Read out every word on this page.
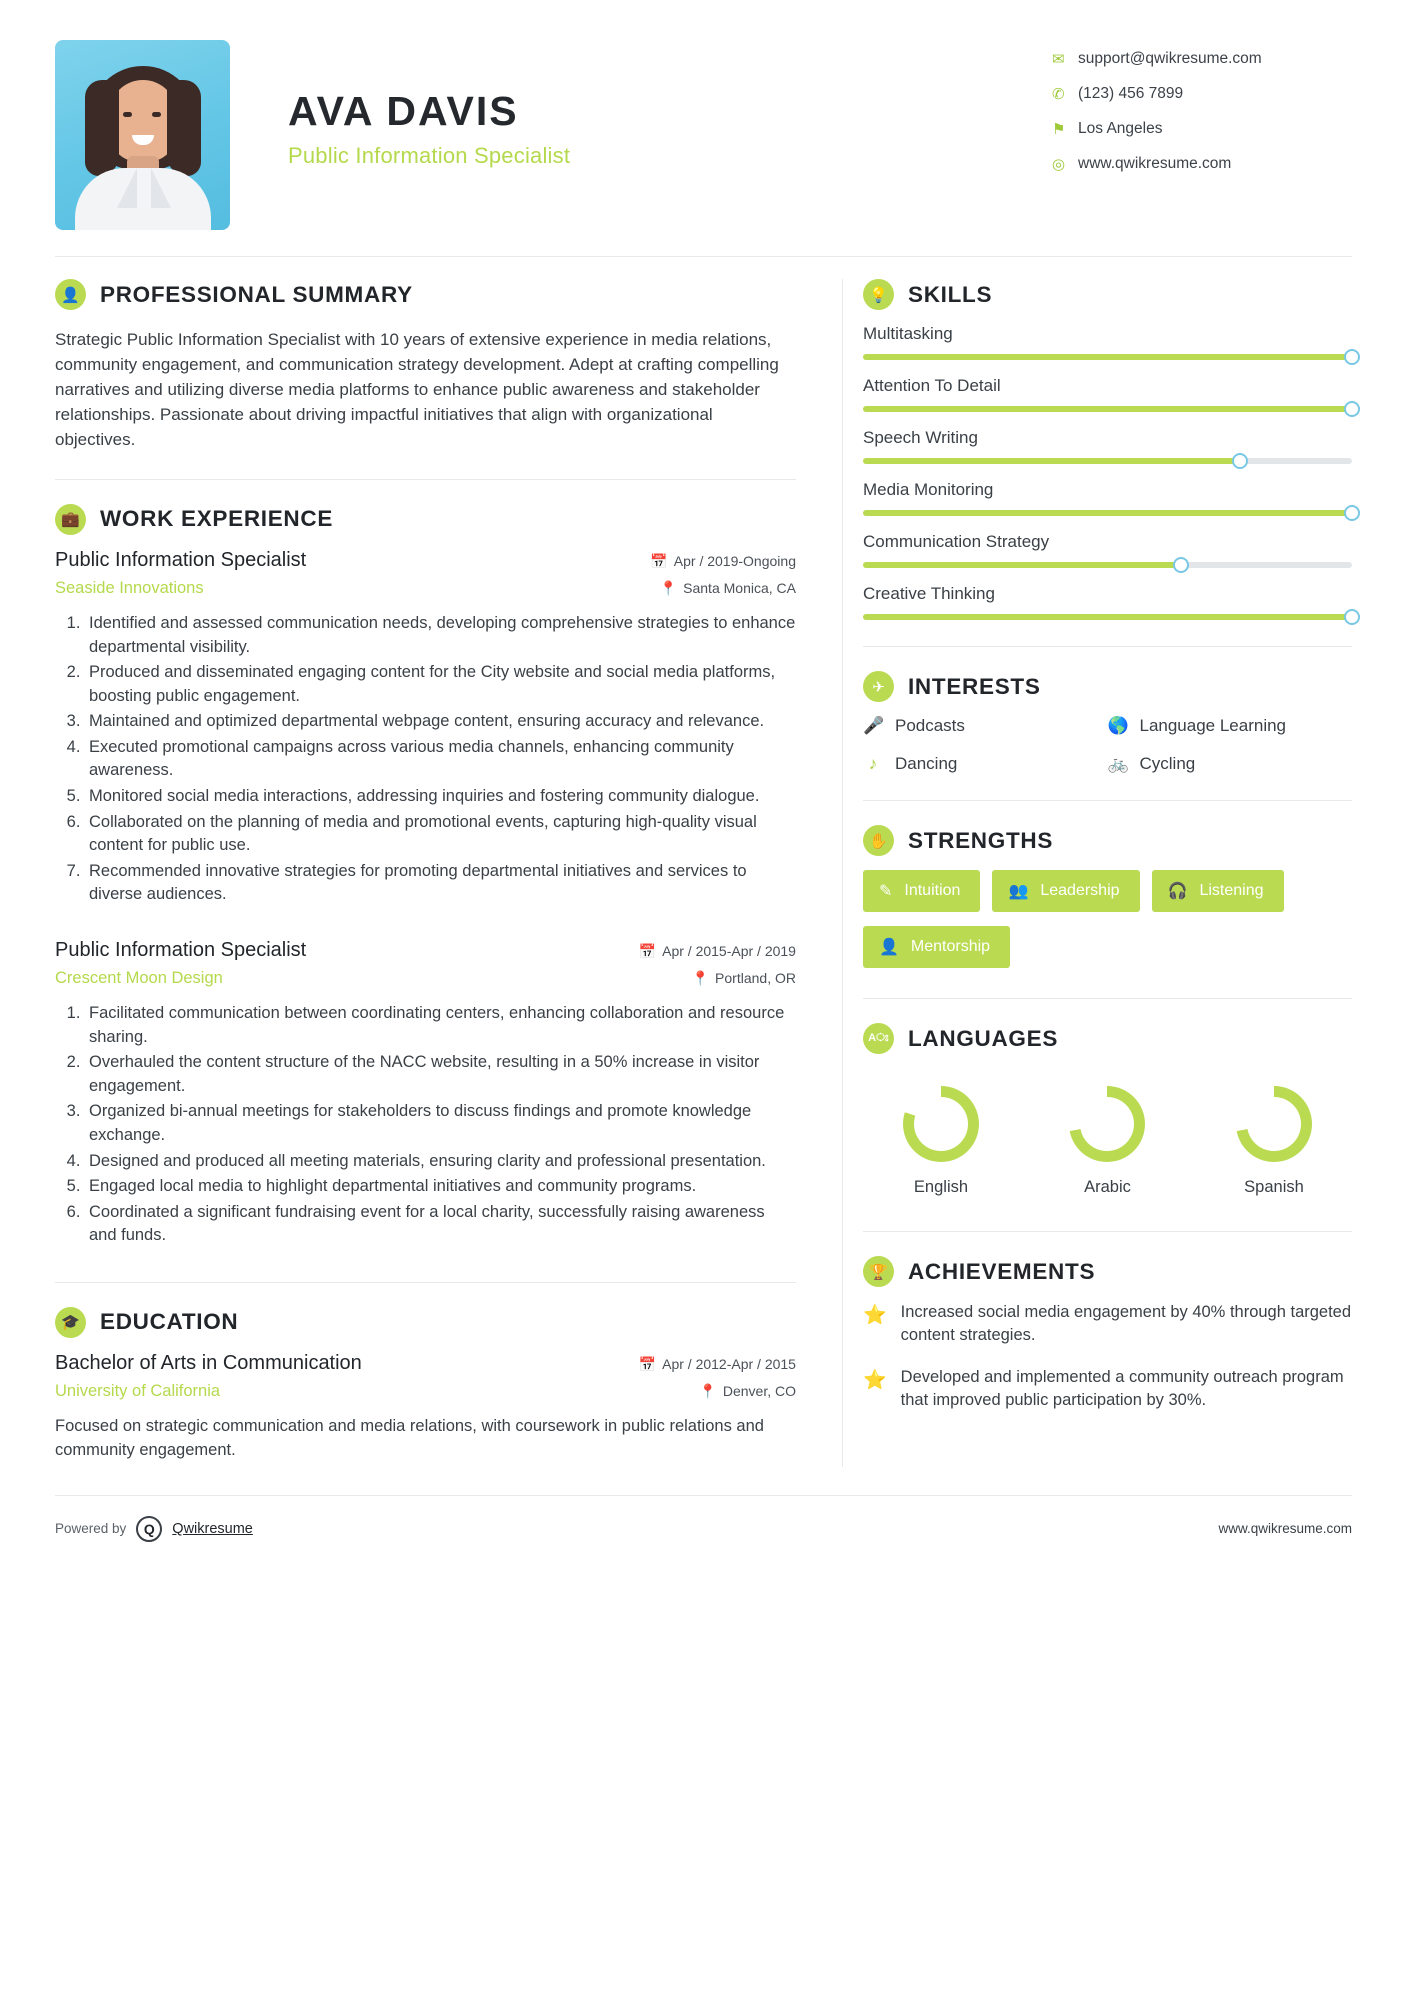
AVA DAVIS
Public Information Specialist
✉ support@qwikresume.com
✆ (123) 456 7899
⚑ Los Angeles
◎ www.qwikresume.com
👤 PROFESSIONAL SUMMARY
Strategic Public Information Specialist with 10 years of extensive experience in media relations, community engagement, and communication strategy development. Adept at crafting compelling narratives and utilizing diverse media platforms to enhance public awareness and stakeholder relationships. Passionate about driving impactful initiatives that align with organizational objectives.
💼 WORK EXPERIENCE
Public Information Specialist	📅 Apr / 2019-Ongoing
Seaside Innovations	📍 Santa Monica, CA
1. Identified and assessed communication needs, developing comprehensive strategies to enhance departmental visibility.
2. Produced and disseminated engaging content for the City website and social media platforms, boosting public engagement.
3. Maintained and optimized departmental webpage content, ensuring accuracy and relevance.
4. Executed promotional campaigns across various media channels, enhancing community awareness.
5. Monitored social media interactions, addressing inquiries and fostering community dialogue.
6. Collaborated on the planning of media and promotional events, capturing high-quality visual content for public use.
7. Recommended innovative strategies for promoting departmental initiatives and services to diverse audiences.
Public Information Specialist	📅 Apr / 2015-Apr / 2019
Crescent Moon Design	📍 Portland, OR
1. Facilitated communication between coordinating centers, enhancing collaboration and resource sharing.
2. Overhauled the content structure of the NACC website, resulting in a 50% increase in visitor engagement.
3. Organized bi-annual meetings for stakeholders to discuss findings and promote knowledge exchange.
4. Designed and produced all meeting materials, ensuring clarity and professional presentation.
5. Engaged local media to highlight departmental initiatives and community programs.
6. Coordinated a significant fundraising event for a local charity, successfully raising awareness and funds.
🎓 EDUCATION
Bachelor of Arts in Communication	📅 Apr / 2012-Apr / 2015
University of California	📍 Denver, CO
Focused on strategic communication and media relations, with coursework in public relations and community engagement.
💡 SKILLS
Multitasking
Attention To Detail
Speech Writing
Media Monitoring
Communication Strategy
Creative Thinking
✈	INTERESTS
🎤 Podcasts	🌎 Language Learning
♪	Dancing	🚲 Cycling
✋ STRENGTHS
✎ Intuition	👥 Leadership	🎧 Listening
👤 Mentorship
Aਃ LANGUAGES
English	Arabic	Spanish
🏆 ACHIEVEMENTS
⭐ Increased social media engagement by 40% through targeted content strategies.
⭐ Developed and implemented a community outreach program that improved public participation by 30%.
Powered by	Q	Qwikresume	www.qwikresume.com
